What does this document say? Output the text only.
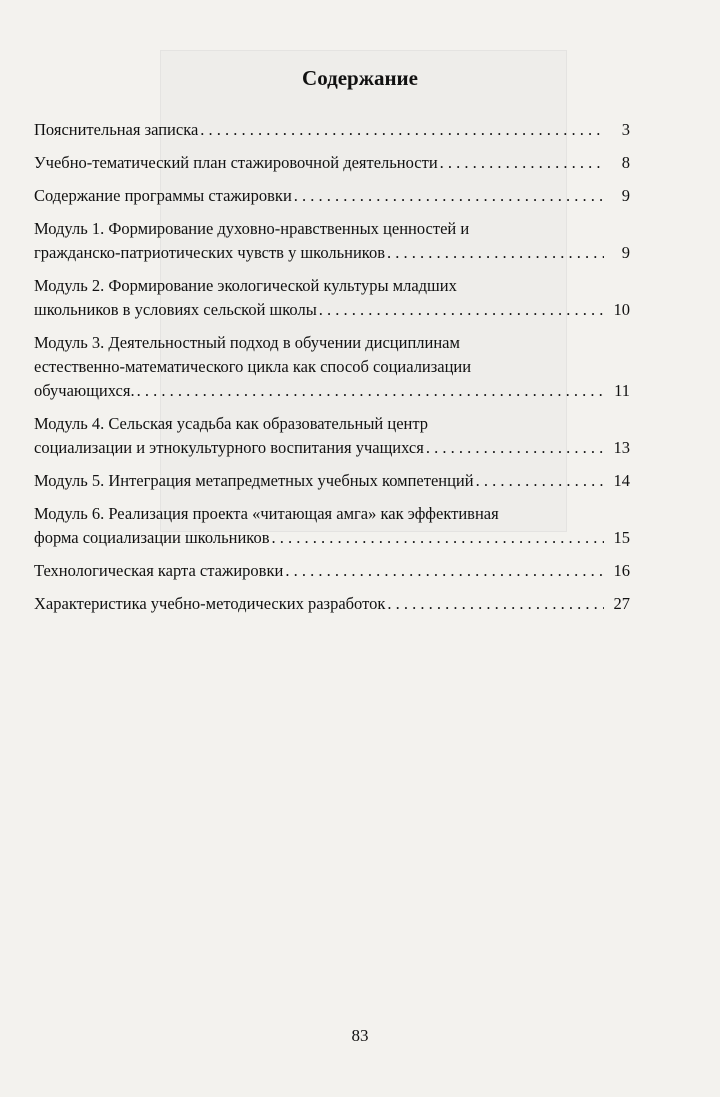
Содержание
Пояснительная записка . . .	3
Учебно-тематический план стажировочной деятельности . . .	8
Содержание программы стажировки . . .	9
Модуль 1. Формирование духовно-нравственных ценностей и
гражданско-патриотических чувств у школьников . . .	9
Модуль 2. Формирование экологической культуры младших
школьников в условиях сельской школы . . .	10
Модуль 3. Деятельностный подход в обучении дисциплинам
естественно-математического цикла как способ социализации
обучающихся. . . .	11
Модуль 4. Сельская усадьба как образовательный центр
социализации и этнокультурного воспитания учащихся . . .	13
Модуль 5. Интеграция метапредметных учебных компетенций . . .	14
Модуль 6. Реализация проекта «читающая амга» как эффективная
форма социализации школьников . . .	15
Технологическая карта стажировки . . .	16
Характеристика учебно-методических разработок . . .	27
83
